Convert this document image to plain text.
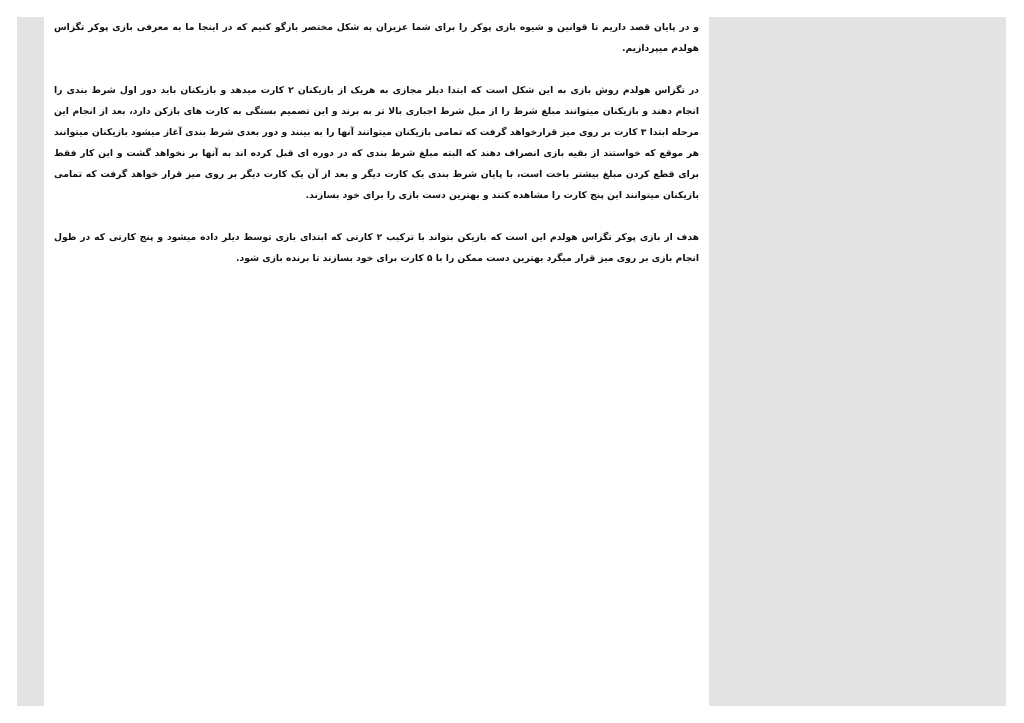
و در پایان قصد داریم تا قوانین و شیوه بازی پوکر را برای شما عزیزان به شکل مختصر بازگو کنیم که در اینجا ما به معرفی بازی پوکر تگزاس هولدم میپردازیم.

در تگزاس هولدم روش بازی به این شکل است که ابتدا دیلر مجازی به هریک از بازیکنان ۲ کارت میدهد و بازیکنان باید دور اول شرط بندی را انجام دهند و بازیکنان میتوانند مبلغ شرط را از مبل شرط اجباری بالا تر به برند و این تصمیم بستگی به کارت های بازکن دارد، بعد از انجام این مرحله ابتدا ۳ کارت بر روی میز قرارخواهد گرفت که تمامی بازیکنان میتوانند آنها را به بینند و دور بعدی شرط بندی آغاز میشود بازیکنان میتوانند هر موقع که خواستند از بقیه بازی انصراف دهند که البته مبلغ شرط بندی که در دوره ای قبل کرده اند به آنها بر نخواهد گشت و این کار فقط برای قطع کردن مبلغ بیشتر باخت است، با پایان شرط بندی یک کارت دیگر و بعد از آن یک کارت دیگر بر روی میز قرار خواهد گرفت که تمامی بازیکنان میتوانند این پنج کارت را مشاهده کنند و بهترین دست بازی را برای خود بسازند.

هدف از بازی پوکر تگزاس هولدم این است که بازیکن بتواند با ترکیب ۲ کارتی که ابتدای بازی توسط دیلر داده میشود و پنج کارتی که در طول انجام بازی بر روی میز قرار میگرد بهترین دست ممکن را با ۵ کارت برای خود بسازند تا برنده بازی شود.
